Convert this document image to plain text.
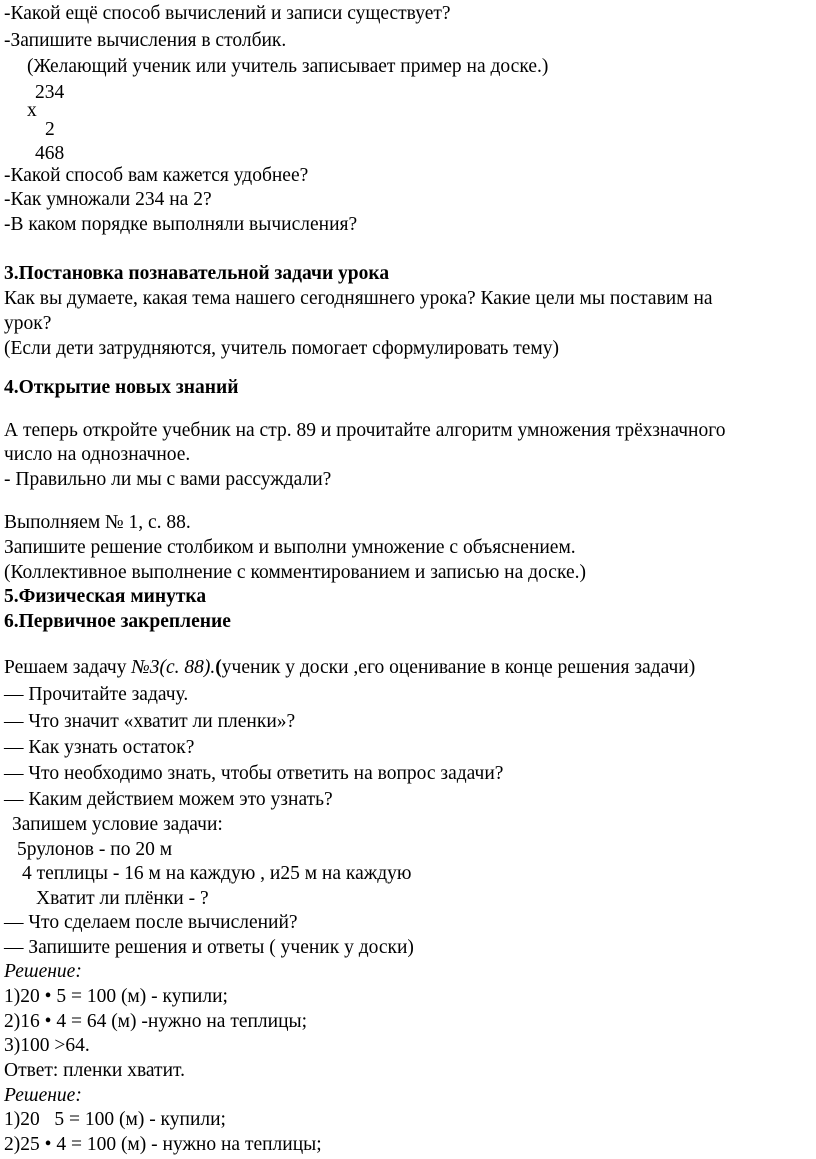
-Какой ещё способ вычислений и записи существует?
-Запишите вычисления в столбик.
(Желающий ученик или учитель записывает пример на доске.)
234
х
2
468
-Какой способ вам кажется удобнее?
-Как умножали 234 на 2?
-В каком порядке выполняли вычисления?
3.Постановка познавательной задачи урока
Как вы думаете, какая тема нашего сегодняшнего урока? Какие цели мы поставим на
урок?
(Если дети затрудняются, учитель помогает сформулировать тему)
4.Открытие новых знаний
А теперь откройте учебник на стр. 89 и прочитайте алгоритм умножения трёхзначного
число на однозначное.
- Правильно ли мы с вами рассуждали?
Выполняем № 1, с. 88.
Запишите решение столбиком и выполни умножение с объяснением.
(Коллективное выполнение с комментированием и записью на доске.)
5.Физическая минутка
6.Первичное закрепление
Решаем задачу №3(с. 88).(ученик у доски ,его оценивание в конце решения задачи)
— Прочитайте задачу.
— Что значит «хватит ли пленки»?
— Как узнать остаток?
— Что необходимо знать, чтобы ответить на вопрос задачи?
— Каким действием можем это узнать?
Запишем условие задачи:
5рулонов - по 20 м
4 теплицы - 16 м на каждую , и25 м на каждую
Хватит ли плёнки - ?
— Что сделаем после вычислений?
— Запишите решения и ответы ( ученик у доски)
Решение:
1)20 • 5 = 100 (м) - купили;
2)16 • 4 = 64 (м) -нужно на теплицы;
3)100 >64.
Ответ: пленки хватит.
Решение:
1)20   5 = 100 (м) - купили;
2)25 • 4 = 100 (м) - нужно на теплицы;
